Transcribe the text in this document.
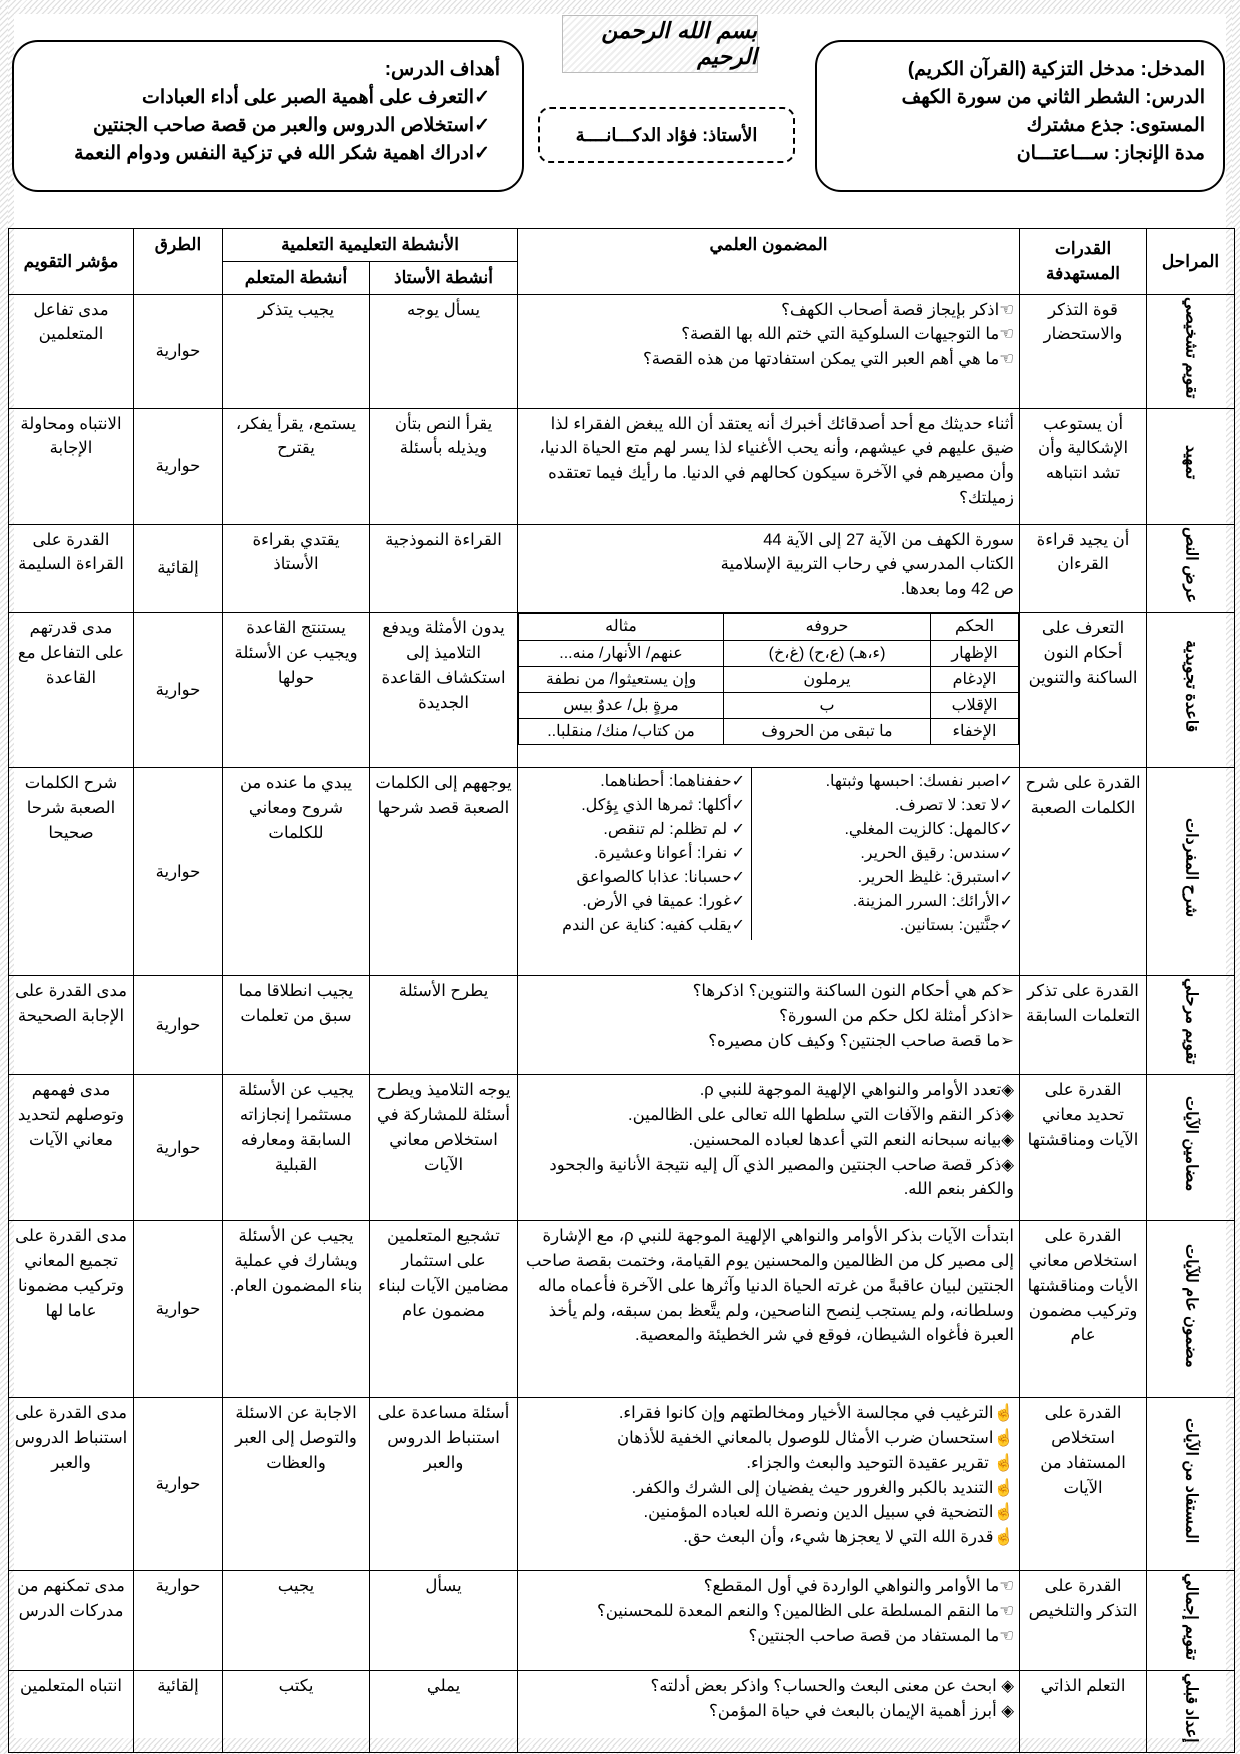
بسم الله الرحمن الرحيم	المدخل: مدخل التزكية (القرآن الكريم)
الدرس: الشطر الثاني من سورة الكهف
المستوى: جذع مشترك
مدة الإنجاز: ســـاعتـــان
الأستاذ: فؤاد الدكـــانــــة
أهداف الدرس:
✓التعرف على أهمية الصبر على أداء العبادات
✓استخلاص الدروس والعبر من قصة صاحب الجنتين
✓ادراك اهمية شكر الله في تزكية النفس ودوام النعمة
المراحل	القدرات المستهدفة	المضمون العلمي	الأنشطة التعليمية التعلمية	الطرق	مؤشر التقويم
أنشطة الأستاذ	أنشطة المتعلم
تقويم تشخيصي	قوة التذكر والاستحضار	
☜اذكر بإيجاز قصة أصحاب الكهف؟
☜ما التوجيهات السلوكية التي ختم الله بها القصة؟
☜ما هي أهم العبر التي يمكن استفادتها من هذه القصة؟
	يسأل يوجه	يجيب يتذكر	حوارية	مدى تفاعل المتعلمين
تمهيد	أن يستوعب الإشكالية وأن تشد انتباهه	
أثناء حديثك مع أحد أصدقائك أخبرك أنه يعتقد أن الله يبغض الفقراء لذا ضيق عليهم في عيشهم، وأنه يحب الأغنياء لذا يسر لهم متع الحياة الدنيا، وأن مصيرهم في الآخرة سيكون كحالهم في الدنيا. ما رأيك فيما تعتقده زميلتك؟
	يقرأ النص بتأن ويذيله بأسئلة	يستمع، يقرأ يفكر، يقترح	حوارية	الانتباه ومحاولة الإجابة
عرض النص	أن يجيد قراءة القرءان	
سورة الكهف من الآية 27 إلى الآية 44
الكتاب المدرسي في رحاب التربية الإسلامية
ص 42 وما بعدها.
	القراءة النموذجية	يقتدي بقراءة الأستاذ	إلقائية	القدرة على القراءة السليمة
قاعدة تجويدية	التعرف على أحكام النون الساكنة والتنوين	
الحكم	حروفه	مثاله
الإظهار	(ء،هـ) (ع،ح) (غ،خ)	عنهم/ الأنهار/ منه...
الإدغام	يرملون	وإن يستعيثوا/ من نطفة
الإقلاب	ب	مرةٍ بل/ عدوٌ بيس
الإخفاء	ما تبقى من الحروف	من كتاب/ منك/ منقلبا..
	يدون الأمثلة ويدفع التلاميذ إلى استكشاف القاعدة الجديدة	يستنتج القاعدة ويجيب عن الأسئلة حولها	حوارية	مدى قدرتهم على التفاعل مع القاعدة
شرح المفردات	القدرة على شرح الكلمات الصعبة	
✓اصبر نفسك: احبسها وثبتها.
✓لا تعد: لا تصرف.
✓كالمهل: كالزيت المغلي.
✓سندس: رقيق الحرير.
✓استبرق: غليظ الحرير.
✓الأرائك: السرر المزينة.
✓جنَّتين: بستانين.
✓حففناهما: أحطناهما.
✓أكلها: ثمرها الذي يِؤكل.
✓ لم تظلم: لم تنقص.
✓ نفرا: أعوانا وعشيرة.
✓حسبانا: عذابا كالصواعق
✓غورا: عميقا في الأرض.
✓يقلب كفيه: كناية عن الندم
	يوجههم إلى الكلمات الصعبة قصد شرحها	يبدي ما عنده من شروح ومعاني للكلمات	حوارية	شرح الكلمات الصعبة شرحا صحيحا
تقويم مرحلي	القدرة على تذكر التعلمات السابقة	
➢كم هي أحكام النون الساكنة والتنوين؟ اذكرها؟
➢اذكر أمثلة لكل حكم من السورة؟
➢ما قصة صاحب الجنتين؟ وكيف كان مصيره؟
	يطرح الأسئلة	يجيب انطلاقا مما سبق من تعلمات	حوارية	مدى القدرة على الإجابة الصحيحة
مضامين الآيات	القدرة على تحديد معاني الآيات ومناقشتها	
◈تعدد الأوامر والنواهي الإلهية الموجهة للنبي ρ.
◈ذكر النقم والآفات التي سلطها الله تعالى على الظالمين.
◈بيانه سبحانه النعم التي أعدها لعباده المحسنين.
◈ذكر قصة صاحب الجنتين والمصير الذي آل إليه نتيجة الأنانية والجحود والكفر بنعم الله.
	يوجه التلاميذ ويطرح أسئلة للمشاركة في استخلاص معاني الآيات	يجيب عن الأسئلة مستثمرا إنجازاته السابقة ومعارفه القبلية	حوارية	مدى فهمهم وتوصلهم لتحديد معاني الآيات
مضمون عام للآيات	القدرة على استخلاص معاني الأيات ومناقشتها وتركيب مضمون عام	
ابتدأت الآيات بذكر الأوامر والنواهي الإلهية الموجهة للنبي ρ، مع الإشارة إلى مصير كل من الظالمين والمحسنين يوم القيامة، وختمت بقصة صاحب الجنتين لبيان عاقبةً من غرته الحياة الدنيا وآثرها على الآخرة فأعماه ماله وسلطانه، ولم يستجب لِنصح الناصحين، ولم يتَّعظ بمن سبقه، ولم يأخذ العبرة فأغواه الشيطان، فوقع في شر الخطيئة والمعصية.
	تشجيع المتعلمين على استثمار مضامين الآيات لبناء مضمون عام	يجيب عن الأسئلة ويشارك في عملية بناء المضمون العام.	حوارية	مدى القدرة على تجميع المعاني وتركيب مضمونا عاما لها
المستفاد من الآيات	القدرة على استخلاص المستفاد من الآيات	
☝الترغيب في مجالسة الأخيار ومخالطتهم وإن كانوا فقراء.
☝استحسان ضرب الأمثال للوصول بالمعاني الخفية للأذهان
☝ تقرير عقيدة التوحيد والبعث والجزاء.
☝التنديد بالكبر والغرور حيث يفضيان إلى الشرك والكفر.
☝التضحية في سبيل الدين ونصرة الله لعباده المؤمنين.
☝قدرة الله التي لا يعجزها شيء، وأن البعث حق.
	أسئلة مساعدة على استنباط الدروس والعبر	الاجابة عن الاسئلة والتوصل إلى العبر والعظات	حوارية	مدى القدرة على استنباط الدروس والعبر
تقويم إجمالي	القدرة على التذكر والتلخيص	
☜ما الأوامر والنواهي الواردة في أول المقطع؟
☜ما النقم المسلطة على الظالمين؟ والنعم المعدة للمحسنين؟
☜ما المستفاد من قصة صاحب الجنتين؟
	يسأل	يجيب	حوارية	مدى تمكنهم من مدركات الدرس
إعداد قبلي	التعلم الذاتي	
◈ ابحث عن معنى البعث والحساب؟ واذكر بعض أدلته؟
◈ أبرز أهمية الإيمان بالبعث في حياة المؤمن؟
	يملي	يكتب	إلقائية	انتباه المتعلمين
